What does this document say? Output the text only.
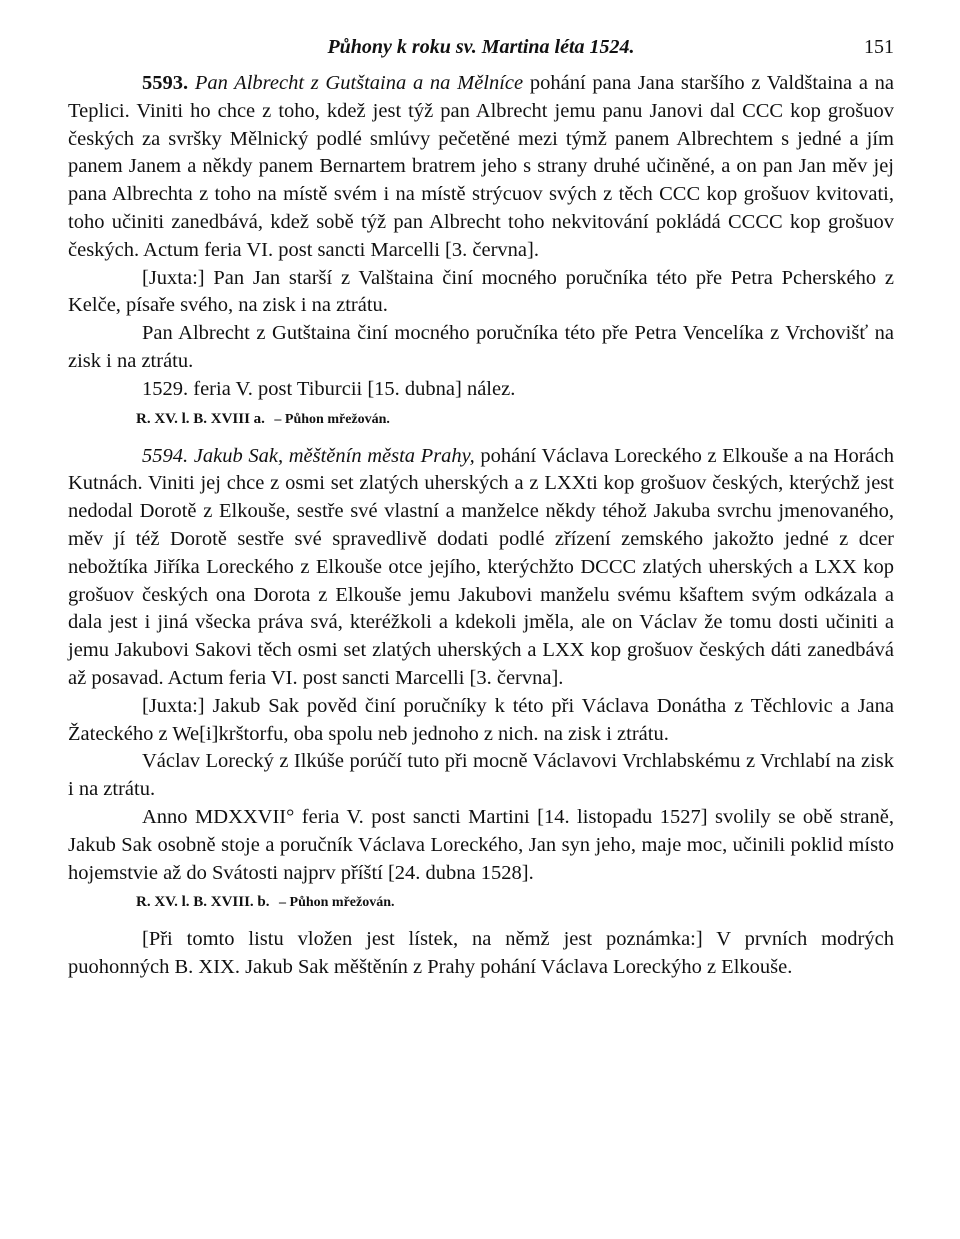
Půhony k roku sv. Martina léta 1524.	151

5593. Pan Albrecht z Gutštaina a na Mělníce pohání pana Jana staršího z Valdštaina a na Teplici. Viniti ho chce z toho, kdež jest týž pan Albrecht jemu panu Janovi dal CCC kop grošuov českých za svršky Mělnický podlé smlúvy pečetěné mezi týmž panem Albrechtem s jedné a jím panem Janem a někdy panem Bernartem bratrem jeho s strany druhé učiněné, a on pan Jan měv jej pana Albrechta z toho na místě svém i na místě strýcuov svých z těch CCC kop grošuov kvitovati, toho učiniti zanedbává, kdež sobě týž pan Albrecht toho nekvitování pokládá CCCC kop grošuov českých. Actum feria VI. post sancti Marcelli [3. června].

[Juxta:] Pan Jan starší z Valštaina činí mocného poručníka této pře Petra Pcherského z Kelče, písaře svého, na zisk i na ztrátu.

Pan Albrecht z Gutštaina činí mocného poručníka této pře Petra Vencelíka z Vrchovišť na zisk i na ztrátu.

1529. feria V. post Tiburcii [15. dubna] nález.

R. XV. l. B. XVIII a. – Půhon mřežován.

5594. Jakub Sak, měštěnín města Prahy, pohání Václava Loreckého z Elkouše a na Horách Kutnách. Viniti jej chce z osmi set zlatých uherských a z LXXti kop grošuov českých, kterýchž jest nedodal Dorotě z Elkouše, sestře své vlastní a manželce někdy téhož Jakuba svrchu jmenovaného, měv jí též Dorotě sestře své spravedlivě dodati podlé zřízení zemského jakožto jedné z dcer nebožtíka Jiříka Loreckého z Elkouše otce jejího, kterýchžto DCCC zlatých uherských a LXX kop grošuov českých ona Dorota z Elkouše jemu Jakubovi manželu svému kšaftem svým odkázala a dala jest i jiná všecka práva svá, kteréžkoli a kdekoli jměla, ale on Václav že tomu dosti učiniti a jemu Jakubovi Sakovi těch osmi set zlatých uherských a LXX kop grošuov českých dáti zanedbává až posavad. Actum feria VI. post sancti Marcelli [3. června].

[Juxta:] Jakub Sak pověd činí poručníky k této při Václava Donátha z Těchlovic a Jana Žateckého z We[i]krštorfu, oba spolu neb jednoho z nich. na zisk i ztrátu.

Václav Lorecký z Ilkúše porúčí tuto při mocně Václavovi Vrchlabskému z Vrchlabí na zisk i na ztrátu.

Anno MDXXVII° feria V. post sancti Martini [14. listopadu 1527] svolily se obě straně, Jakub Sak osobně stoje a poručník Václava Loreckého, Jan syn jeho, maje moc, učinili poklid místo hojemstvie až do Svátosti najprv příští [24. dubna 1528].

R. XV. l. B. XVIII. b. – Půhon mřežován.

[Při tomto listu vložen jest lístek, na němž jest poznámka:] V prvních modrých puohonných B. XIX. Jakub Sak měštěnín z Prahy pohání Václava Loreckýho z Elkouše.
